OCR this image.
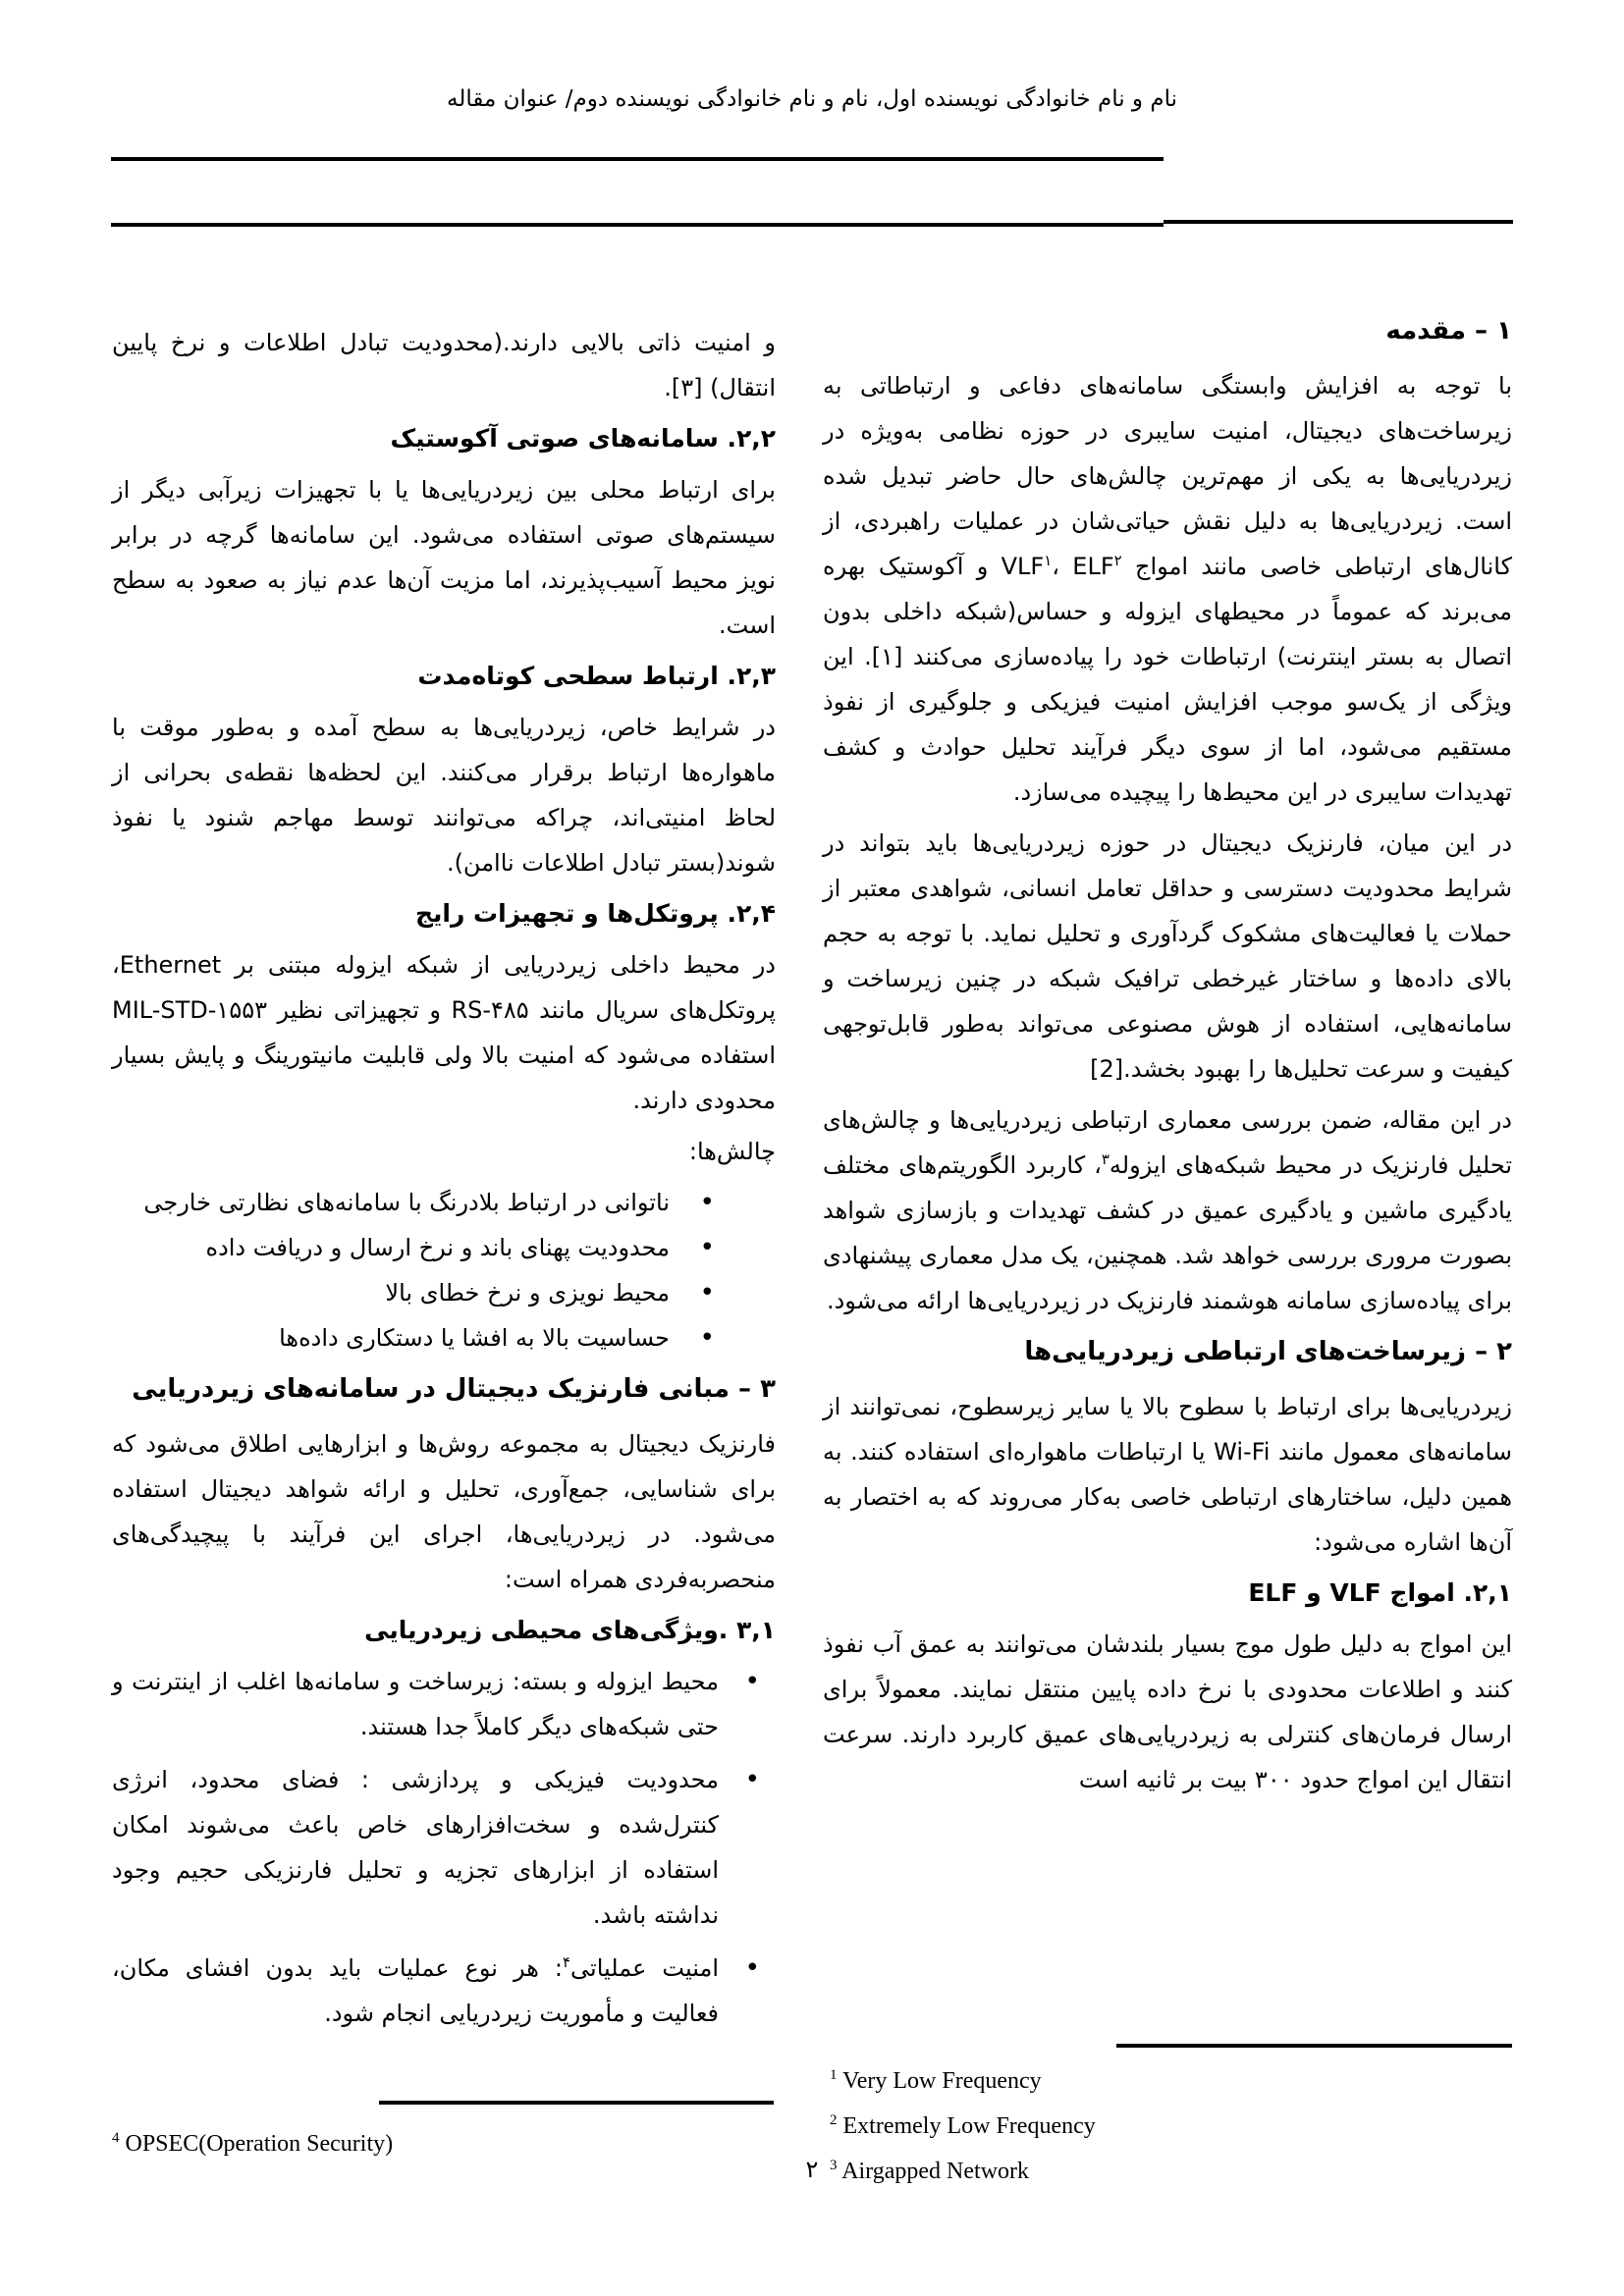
نام و نام خانوادگی نویسنده اول، نام و نام خانوادگی نویسنده دوم/ عنوان مقاله
۱ – مقدمه

با توجه به افزایش وابستگی سامانه‌های دفاعی و ارتباطاتی به زیرساخت‌های دیجیتال، امنیت سایبری در حوزه نظامی به‌ویژه در زیردریایی‌ها به یکی از مهم‌ترین چالش‌های حال حاضر تبدیل شده است. زیردریایی‌ها به دلیل نقش حیاتی‌شان در عملیات راهبردی، از کانال‌های ارتباطی خاصی مانند امواج VLF$^۱$، ELF$^۲$ و آکوستیک بهره می‌برند که عموماً در محیطهای ایزوله و حساس(شبکه داخلی بدون اتصال به بستر اینترنت) ارتباطات خود را پیاده‌سازی می‌کنند [۱]. این ویژگی از یک‌سو موجب افزایش امنیت فیزیکی و جلوگیری از نفوذ مستقیم می‌شود، اما از سوی دیگر فرآیند تحلیل حوادث و کشف تهدیدات سایبری در این محیط‌ها را پیچیده می‌سازد.

در این میان، فارنزیک دیجیتال در حوزه زیردریایی‌ها باید بتواند در شرایط محدودیت دسترسی و حداقل تعامل انسانی، شواهدی معتبر از حملات یا فعالیت‌های مشکوک گردآوری و تحلیل نماید. با توجه به حجم بالای داده‌ها و ساختار غیرخطی ترافیک شبکه در چنین زیرساخت و سامانه‌هایی، استفاده از هوش مصنوعی می‌تواند به‌طور قابل‌توجهی کیفیت و سرعت تحلیل‌ها را بهبود بخشد.[2]

در این مقاله، ضمن بررسی معماری ارتباطی زیردریایی‌ها و چالش‌های تحلیل فارنزیک در محیط شبکه‌های ایزوله$^۳$، کاربرد الگوریتم‌های مختلف یادگیری ماشین و یادگیری عمیق در کشف تهدیدات و بازسازی شواهد بصورت مروری بررسی خواهد شد. همچنین، یک مدل معماری پیشنهادی برای پیاده‌سازی سامانه هوشمند فارنزیک در زیردریایی‌ها ارائه می‌شود.

۲ – زیرساخت‌های ارتباطی زیردریایی‌ها

زیردریایی‌ها برای ارتباط با سطوح بالا یا سایر زیرسطوح، نمی‌توانند از سامانه‌های معمول مانند Wi-Fi یا ارتباطات ماهواره‌ای استفاده کنند. به همین دلیل، ساختارهای ارتباطی خاصی به‌کار می‌روند که به اختصار به آن‌ها اشاره می‌شود:

۲,۱. امواج VLF و ELF

این امواج به دلیل طول موج بسیار بلندشان می‌توانند به عمق آب نفوذ کنند و اطلاعات محدودی با نرخ داده پایین منتقل نمایند. معمولاً برای ارسال فرمان‌های کنترلی به زیردریایی‌های عمیق کاربرد دارند. سرعت انتقال این امواج حدود ۳۰۰ بیت بر ثانیه است

و امنیت ذاتی بالایی دارند.(محدودیت تبادل اطلاعات و نرخ پایین انتقال) [۳].

۲,۲. سامانه‌های صوتی آکوستیک

برای ارتباط محلی بین زیردریایی‌ها یا با تجهیزات زیرآبی دیگر از سیستم‌های صوتی استفاده می‌شود. این سامانه‌ها گرچه در برابر نویز محیط آسیب‌پذیرند، اما مزیت آن‌ها عدم نیاز به صعود به سطح است.

۲,۳. ارتباط سطحی کوتاه‌مدت

در شرایط خاص، زیردریایی‌ها به سطح آمده و به‌طور موقت با ماهواره‌ها ارتباط برقرار می‌کنند. این لحظه‌ها نقطه‌ی بحرانی از لحاظ امنیتی‌اند، چراکه می‌توانند توسط مهاجم شنود یا نفوذ شوند(بستر تبادل اطلاعات ناامن).

۲,۴. پروتکل‌ها و تجهیزات رایج

در محیط داخلی زیردریایی از شبکه ایزوله مبتنی بر Ethernet، پروتکل‌های سریال مانند RS-۴۸۵ و تجهیزاتی نظیر MIL-STD-۱۵۵۳ استفاده می‌شود که امنیت بالا ولی قابلیت مانیتورینگ و پایش بسیار محدودی دارند.

چالش‌ها:

• ناتوانی در ارتباط بلادرنگ با سامانه‌های نظارتی خارجی
• محدودیت پهنای باند و نرخ ارسال و دریافت داده
• محیط نویزی و نرخ خطای بالا
• حساسیت بالا به افشا یا دستکاری داده‌ها
۳ – مبانی فارنزیک دیجیتال در سامانه‌های زیردریایی

فارنزیک دیجیتال به مجموعه روش‌ها و ابزارهایی اطلاق می‌شود که برای شناسایی، جمع‌آوری، تحلیل و ارائه شواهد دیجیتال استفاده می‌شود. در زیردریایی‌ها، اجرای این فرآیند با پیچیدگی‌های منحصربه‌فردی همراه است:

۳,۱ .ویژگی‌های محیطی زیردریایی
• محیط ایزوله و بسته: زیرساخت و سامانه‌ها اغلب از اینترنت و حتی شبکه‌های دیگر کاملاً جدا هستند.
• محدودیت فیزیکی و پردازشی : فضای محدود، انرژی کنترل‌شده و سخت‌افزارهای خاص باعث می‌شوند امکان استفاده از ابزارهای تجزیه و تحلیل فارنزیکی حجیم وجود نداشته باشد.
• امنیت عملیاتی$^۴$: هر نوع عملیات باید بدون افشای مکان، فعالیت و مأموریت زیردریایی انجام شود.
$^1$ Very Low Frequency
$^2$ Extremely Low Frequency
$^3$ Airgapped Network
$^4$ OPSEC(Operation Security)
۲
